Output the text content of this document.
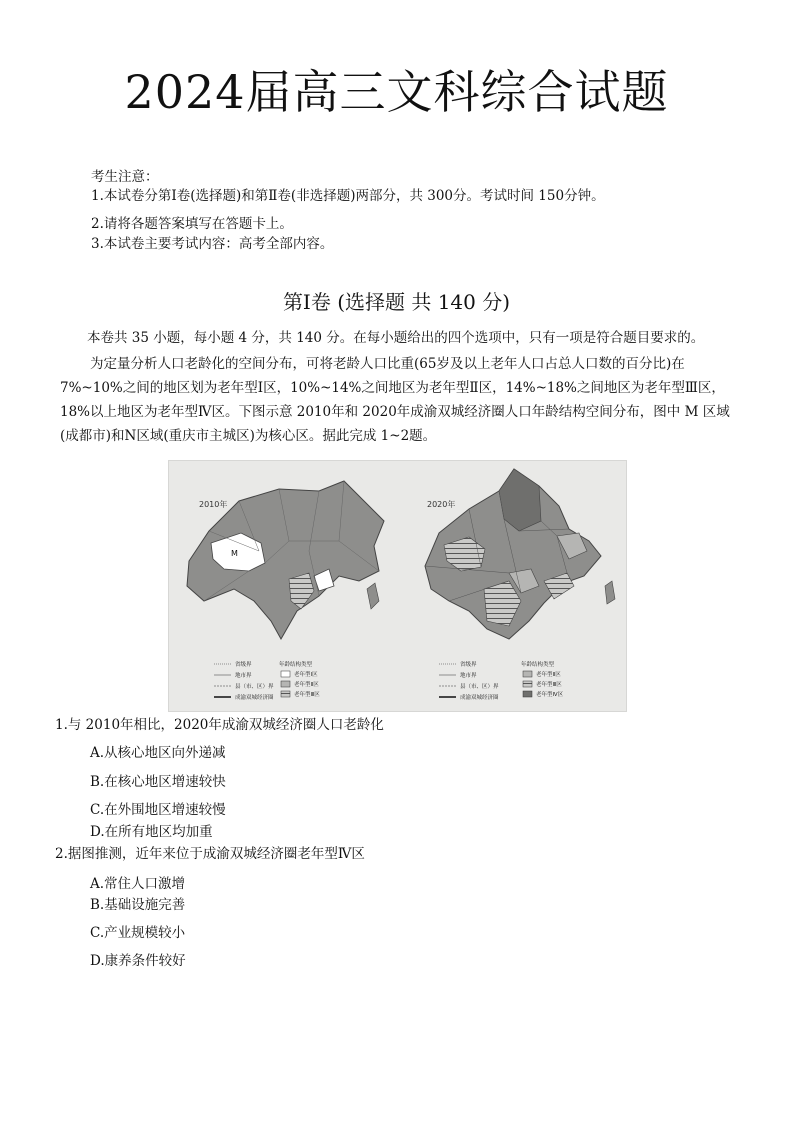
2024届高三文科综合试题
考生注意：
1.本试卷分第Ⅰ卷(选择题)和第Ⅱ卷(非选择题)两部分，共 300分。考试时间 150分钟。
2.请将各题答案填写在答题卡上。
3.本试卷主要考试内容：高考全部内容。
第Ⅰ卷 (选择题 共 140 分)
本卷共 35 小题，每小题 4 分，共 140 分。在每小题给出的四个选项中，只有一项是符合题目要求的。
为定量分析人口老龄化的空间分布，可将老龄人口比重(65岁及以上老年人口占总人口数的百分比)在 7%~10%之间的地区划为老年型Ⅰ区，10%~14%之间地区为老年型Ⅱ区，14%~18%之间地区为老年型Ⅲ区，18%以上地区为老年型Ⅳ区。下图示意 2010年和 2020年成渝双城经济圈人口年龄结构空间分布，图中 M 区域(成都市)和N区域(重庆市主城区)为核心区。据此完成 1~2题。
2010年
M
2020年
省级界
地市界
县（市、区）界
成渝双城经济圈
年龄结构类型
老年型Ⅰ区
老年型Ⅱ区
老年型Ⅲ区
省级界
地市界
县（市、区）界
成渝双城经济圈
年龄结构类型
老年型Ⅱ区
老年型Ⅲ区
老年型Ⅳ区
1.与 2010年相比，2020年成渝双城经济圈人口老龄化
A.从核心地区向外递减
B.在核心地区增速较快
C.在外围地区增速较慢
D.在所有地区均加重
2.据图推测，近年来位于成渝双城经济圈老年型Ⅳ区
A.常住人口激增
B.基础设施完善
C.产业规模较小
D.康养条件较好
